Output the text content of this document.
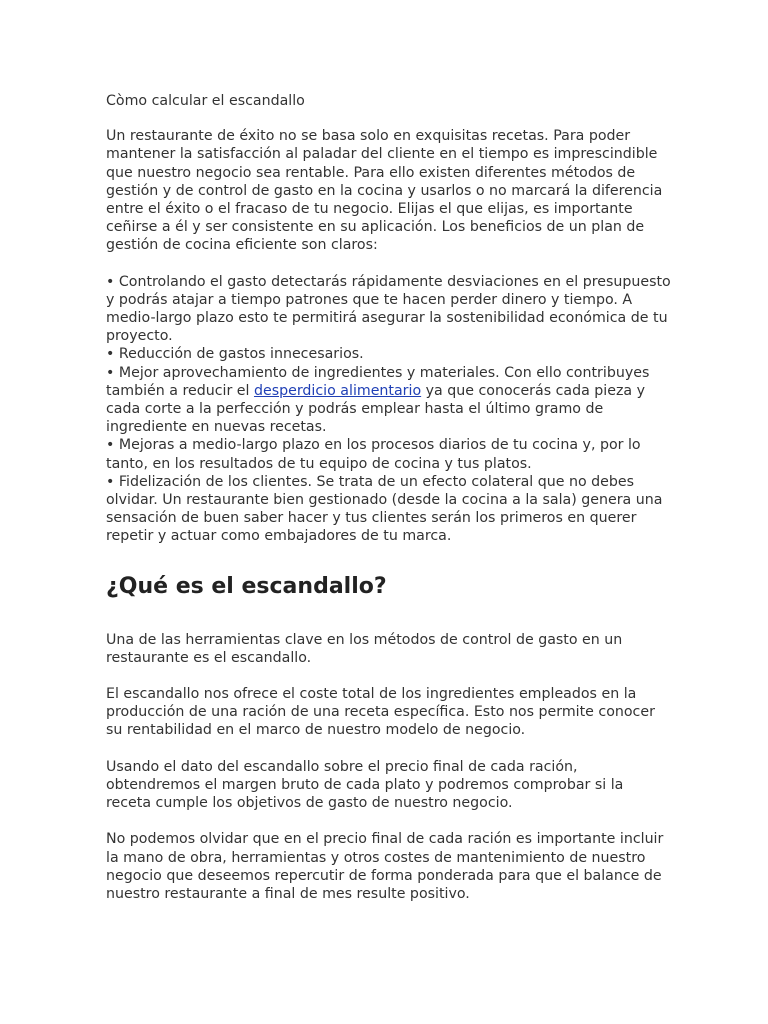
Còmo calcular el escandallo

Un restaurante de éxito no se basa solo en exquisitas recetas. Para poder mantener la satisfacción al paladar del cliente en el tiempo es imprescindible que nuestro negocio sea rentable. Para ello existen diferentes métodos de gestión y de control de gasto en la cocina y usarlos o no marcará la diferencia entre el éxito o el fracaso de tu negocio. Elijas el que elijas, es importante ceñirse a él y ser consistente en su aplicación. Los beneficios de un plan de gestión de cocina eficiente son claros:

• Controlando el gasto detectarás rápidamente desviaciones en el presupuesto y podrás atajar a tiempo patrones que te hacen perder dinero y tiempo. A medio-largo plazo esto te permitirá asegurar la sostenibilidad económica de tu proyecto.

• Reducción de gastos innecesarios.

• Mejor aprovechamiento de ingredientes y materiales. Con ello contribuyes también a reducir el desperdicio alimentario ya que conocerás cada pieza y cada corte a la perfección y podrás emplear hasta el último gramo de ingrediente en nuevas recetas.

• Mejoras a medio-largo plazo en los procesos diarios de tu cocina y, por lo tanto, en los resultados de tu equipo de cocina y tus platos.

• Fidelización de los clientes. Se trata de un efecto colateral que no debes olvidar. Un restaurante bien gestionado (desde la cocina a la sala) genera una sensación de buen saber hacer y tus clientes serán los primeros en querer repetir y actuar como embajadores de tu marca.

¿Qué es el escandallo?

Una de las herramientas clave en los métodos de control de gasto en un restaurante es el escandallo.

El escandallo nos ofrece el coste total de los ingredientes empleados en la producción de una ración de una receta específica. Esto nos permite conocer su rentabilidad en el marco de nuestro modelo de negocio.

Usando el dato del escandallo sobre el precio final de cada ración, obtendremos el margen bruto de cada plato y podremos comprobar si la receta cumple los objetivos de gasto de nuestro negocio.

No podemos olvidar que en el precio final de cada ración es importante incluir la mano de obra, herramientas y otros costes de mantenimiento de nuestro negocio que deseemos repercutir de forma ponderada para que el balance de nuestro restaurante a final de mes resulte positivo.
